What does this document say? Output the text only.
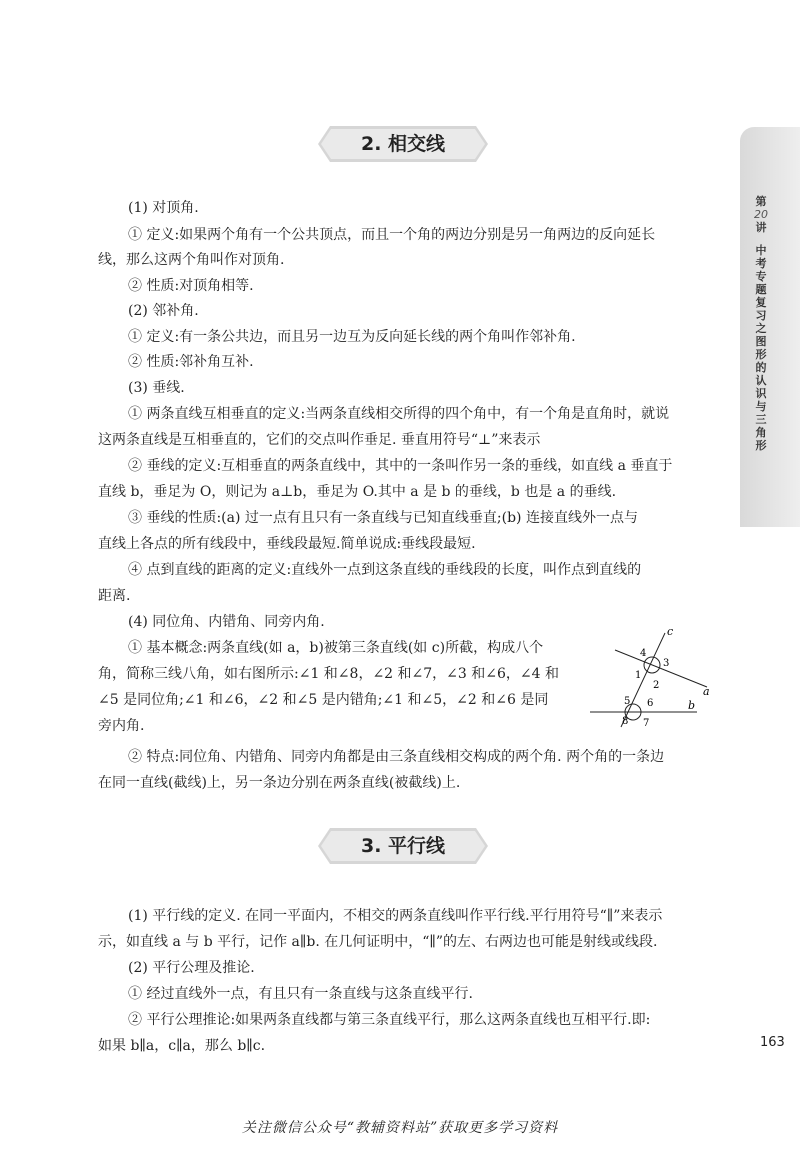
第
20
讲
中考专题复习之图形的认识与三角形
2. 相交线
(1) 对顶角.
① 定义:如果两个角有一个公共顶点，而且一个角的两边分别是另一角两边的反向延长
线，那么这两个角叫作对顶角.
② 性质:对顶角相等.
(2) 邻补角.
① 定义:有一条公共边，而且另一边互为反向延长线的两个角叫作邻补角.
② 性质:邻补角互补.
(3) 垂线.
① 两条直线互相垂直的定义:当两条直线相交所得的四个角中，有一个角是直角时，就说
这两条直线是互相垂直的，它们的交点叫作垂足. 垂直用符号“⊥”来表示
② 垂线的定义:互相垂直的两条直线中，其中的一条叫作另一条的垂线，如直线 a 垂直于
直线 b，垂足为 O，则记为 a⊥b，垂足为 O.其中 a 是 b 的垂线，b 也是 a 的垂线.
③ 垂线的性质:(a) 过一点有且只有一条直线与已知直线垂直;(b) 连接直线外一点与
直线上各点的所有线段中，垂线段最短.简单说成:垂线段最短.
④ 点到直线的距离的定义:直线外一点到这条直线的垂线段的长度，叫作点到直线的
距离.
(4) 同位角、内错角、同旁内角.
① 基本概念:两条直线(如 a，b)被第三条直线(如 c)所截，构成八个
角，简称三线八角，如右图所示:∠1 和∠8，∠2 和∠7，∠3 和∠6，∠4 和
∠5 是同位角;∠1 和∠6，∠2 和∠5 是内错角;∠1 和∠5，∠2 和∠6 是同
旁内角.
② 特点:同位角、内错角、同旁内角都是由三条直线相交构成的两个角. 两个角的一条边
在同一直线(截线)上，另一条边分别在两条直线(被截线)上.
c
a
b
1
2
3
4
5 6
7
8
3. 平行线
(1) 平行线的定义. 在同一平面内，不相交的两条直线叫作平行线.平行用符号“∥”来表示
示，如直线 a 与 b 平行，记作 a∥b. 在几何证明中，“∥”的左、右两边也可能是射线或线段.
(2) 平行公理及推论.
① 经过直线外一点，有且只有一条直线与这条直线平行.
② 平行公理推论:如果两条直线都与第三条直线平行，那么这两条直线也互相平行.即:
如果 b∥a，c∥a，那么 b∥c.	163
关注微信公众号“教辅资料站”获取更多学习资料
